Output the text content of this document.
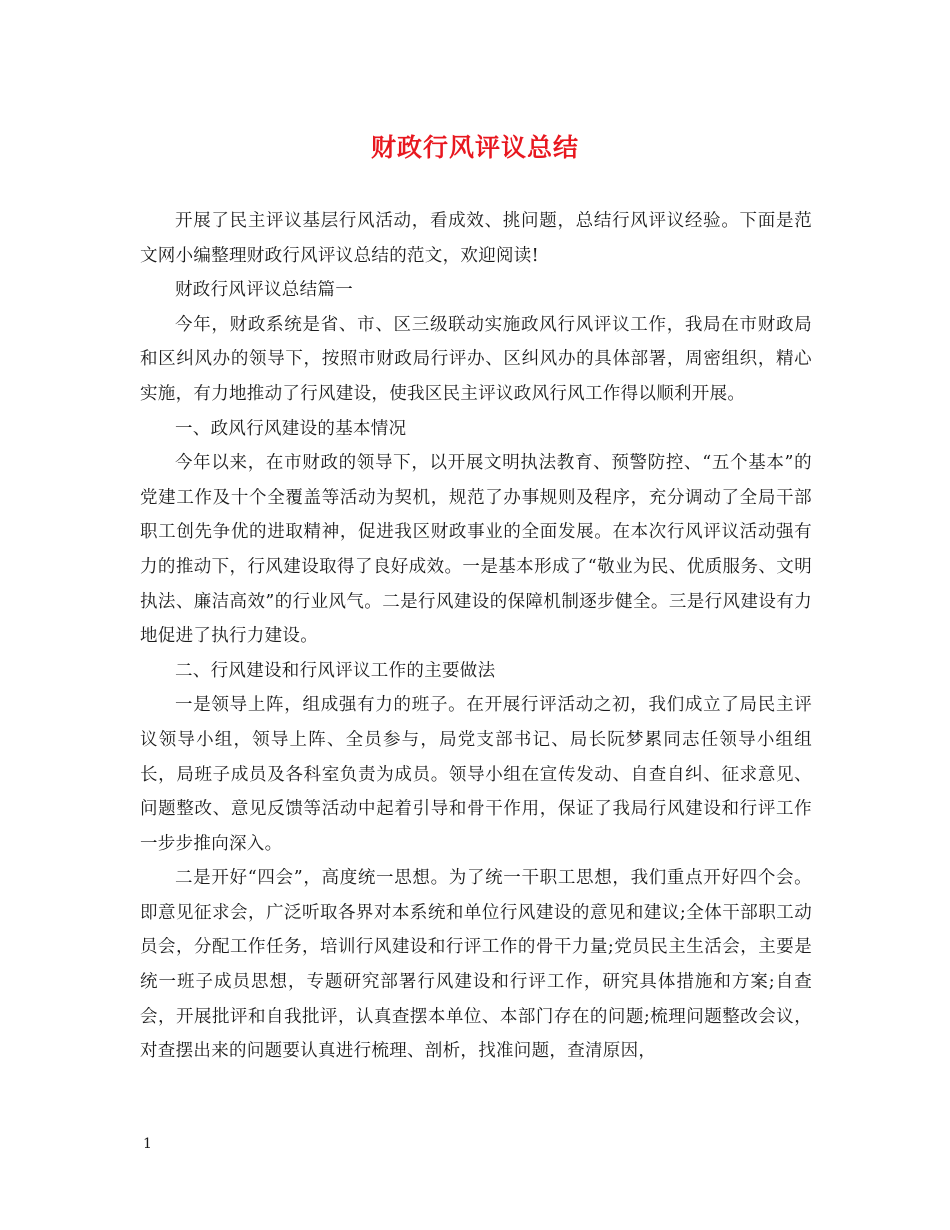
财政行风评议总结

开展了民主评议基层行风活动，看成效、挑问题，总结行风评议经验。下面是范文网小编整理财政行风评议总结的范文，欢迎阅读!

财政行风评议总结篇一

今年，财政系统是省、市、区三级联动实施政风行风评议工作，我局在市财政局和区纠风办的领导下，按照市财政局行评办、区纠风办的具体部署，周密组织，精心实施，有力地推动了行风建设，使我区民主评议政风行风工作得以顺利开展。

一、政风行风建设的基本情况

今年以来，在市财政的领导下，以开展文明执法教育、预警防控、“五个基本”的党建工作及十个全覆盖等活动为契机，规范了办事规则及程序，充分调动了全局干部职工创先争优的进取精神，促进我区财政事业的全面发展。在本次行风评议活动强有力的推动下，行风建设取得了良好成效。一是基本形成了“敬业为民、优质服务、文明执法、廉洁高效”的行业风气。二是行风建设的保障机制逐步健全。三是行风建设有力地促进了执行力建设。

二、行风建设和行风评议工作的主要做法

一是领导上阵，组成强有力的班子。在开展行评活动之初，我们成立了局民主评议领导小组，领导上阵、全员参与，局党支部书记、局长阮梦累同志任领导小组组长，局班子成员及各科室负责为成员。领导小组在宣传发动、自查自纠、征求意见、问题整改、意见反馈等活动中起着引导和骨干作用，保证了我局行风建设和行评工作一步步推向深入。

二是开好“四会”，高度统一思想。为了统一干职工思想，我们重点开好四个会。即意见征求会，广泛听取各界对本系统和单位行风建设的意见和建议;全体干部职工动员会，分配工作任务，培训行风建设和行评工作的骨干力量;党员民主生活会，主要是统一班子成员思想，专题研究部署行风建设和行评工作，研究具体措施和方案;自查会，开展批评和自我批评，认真查摆本单位、本部门存在的问题;梳理问题整改会议，对查摆出来的问题要认真进行梳理、剖析，找准问题，查清原因，

1
